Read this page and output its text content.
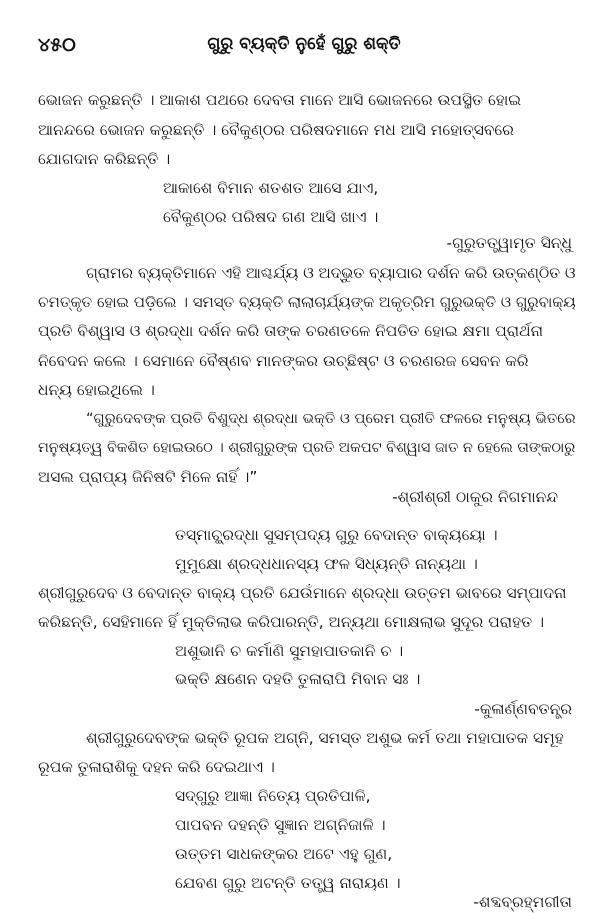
୪୫୦	ଗୁରୁ ବ୍ୟକ୍ତି ନୁହେଁ ଗୁରୁ ଶକ୍ତି
ଭୋଜନ କରୁଛନ୍ତି । ଆକାଶ ପଥରେ ଦେବତା ମାନେ ଆସି ଭୋଜନରେ ଉପସ୍ଥିତ ହୋଇ
ଆନନ୍ଦରେ ଭୋଜନ କରୁଛନ୍ତି । ବୈକୁଣ୍ଠର ପରିଷଦମାନେ ମଧ ଆସି ମହୋତ୍ସବରେ
ଯୋଗଦାନ କରିଛନ୍ତି ।
ଆକାଶେ ବିମାନ ଶତଶତ ଆସେ ଯାଏ,
ବୈକୁଣ୍ଠର ପରିଷଦ ଗଣ ଆସି ଖାଏ ।
-ଗୁରୁତତ୍ତ୍ୱାମୃତ ସିନ୍ଧୁ
ଗ୍ରାମର ବ୍ୟକ୍ତିମାନେ ଏହି ଆଶ୍ଚର୍ଯ୍ୟ ଓ ଅଦ୍ଭୁତ ବ୍ୟାପାର ଦର୍ଶନ କରି ଉତ୍କଣ୍ଠିତ ଓ
ଚମତ୍କୃତ ହୋଇ ପଡ଼ିଲେ । ସମସ୍ତ ବ୍ୟକ୍ତି ଲାଲାଚାର୍ଯ୍ୟଙ୍କ ଅକୃତ୍ରିମ ଗୁରୁଭକ୍ତି ଓ ଗୁରୁବାକ୍ୟ
ପ୍ରତି ବିଶ୍ୱାସ ଓ ଶ୍ରଦ୍ଧା ଦର୍ଶନ କରି ତାଙ୍କ ଚରଣତଳେ ନିପତିତ ହୋଇ କ୍ଷମା ପ୍ରାର୍ଥନା
ନିବେଦନ କଲେ । ସେମାନେ ବୈଷ୍ଣବ ମାନଙ୍କର ଉଚ୍ଛିଷ୍ଟ ଓ ଚରଣରଜ ସେବନ କରି
ଧନ୍ୟ ହୋଇଥିଲେ ।
“ଗୁରୁଦେବଙ୍କ ପ୍ରତି ବିଶୁଦ୍ଧ ଶ୍ରଦ୍ଧା ଭକ୍ତି ଓ ପ୍ରେମ ପ୍ରୀତି ଫଳରେ ମନୁଷ୍ୟ ଭିତରେ
ମନୁଷ୍ୟତ୍ୱ ବିକଶିତ ହୋଇଉଠେ । ଶ୍ରୀଗୁରୁଙ୍କ ପ୍ରତି ଅକପଟ ବିଶ୍ୱାସ ଜାତ ନ ହେଲେ ତାଙ୍କଠାରୁ
ଅସଲ ପ୍ରାପ୍ୟ ଜିନିଷଟି ମିଳେ ନାହିଁ ।”
-ଶ୍ରୀଶ୍ରୀ ଠାକୁର ନିଗମାନନ୍ଦ
ତସ୍ମାଚ୍ଛ୍ରଦ୍ଧା ସୁସମ୍ପଦ୍ୟ ଗୁରୁ ବେଦାନ୍ତ ବାକ୍ୟୟୋ ।
ମୁମୁକ୍ଷୋ ଶ୍ରଦ୍ଧଧାନସ୍ୟ ଫଳ ସିଧ୍ୟନ୍ତି ନାନ୍ୟଥା ।
ଶ୍ରୀଗୁରୁଦେବ ଓ ବେଦାନ୍ତ ବାକ୍ୟ ପ୍ରତି ଯେଉଁମାନେ ଶ୍ରଦ୍ଧା ଉତ୍ତମ ଭାବରେ ସମ୍ପାଦନା
କରିଛନ୍ତି, ସେହିମାନେ ହିଁ ମୁକ୍ତିଲାଭ କରିପାରନ୍ତି, ଅନ୍ୟଥା ମୋକ୍ଷଲାଭ ସୁଦୂର ପରାହତ ।
ଅଶୁଭାନି ଚ କର୍ମାଣି ସୁମହାପାତକାନି ଚ ।
ଭକ୍ତି କ୍ଷଣେନ ଦହତି ତୁଳାରାପି ମିବାନ ସଃ ।
-କୁଳାର୍ଣ୍ଣବତନ୍ତ୍ର
ଶ୍ରୀଗୁରୁଦେବଙ୍କ ଭକ୍ତି ରୂପକ ଅଗ୍ନି, ସମସ୍ତ ଅଶୁଭ କର୍ମ ତଥା ମହାପାତକ ସମୂହ
ରୂପକ ତୁଳାରାଶିକୁ ଦହନ କରି ଦେଇଥାଏ ।
ସଦ୍‌ଗୁରୁ ଆଜ୍ଞା ନିତ୍ୟେ ପ୍ରତିପାଳି,
ପାପବନ ଦହନ୍ତି ସୁଜ୍ଞାନ ଅଗ୍ନିଜାଳି ।
ଉତ୍ତମ ସାଧକଙ୍କର ଅଟେ ଏହୁ ଗୁଣ,
ଯେବଣ ଗୁରୁ ଅଟନ୍ତି ତତ୍ତ୍ୱ ନାରାୟଣ ।
-ଶବ୍ଦବ୍ରହ୍ମଗୀତା
